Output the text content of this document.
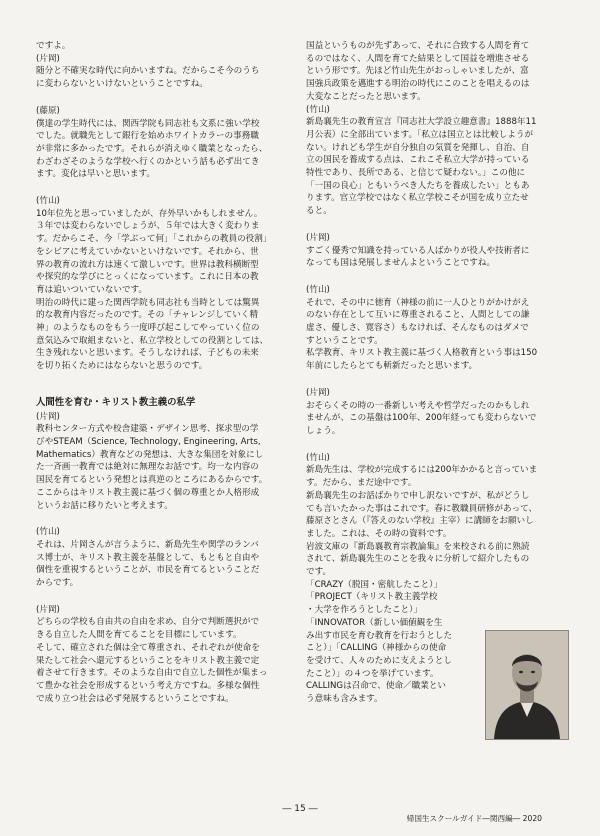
ですよ。

(片岡)

随分と不確実な時代に向かいますね。だからこそ今のうち
に変わらないといけないということですね。

(藤原)

僕達の学生時代には、関西学院も同志社も文系に強い学校
でした。就職先として銀行を始めホワイトカラーの事務職
が非常に多かったです。それらが消えゆく職業となったら、
わざわざそのような学校へ行くのかという話も必ず出てき
ます。変化は早いと思います。

(竹山)

10年位先と思っていましたが、存外早いかもしれません。
３年では変わらないでしょうが、５年では大きく変わりま
す。だからこそ、今「学ぶって何」「これからの教員の役割」
をシビアに考えていかないといけないです。それから、世
界の教育の流れ方は速くて激しいです。世界は教科横断型
や探究的な学びにとっくになっています。これに日本の教
育は追いついていないです。
明治の時代に建った関西学院も同志社も当時としては驚異
的な教育内容だったのです。その「チャレンジしていく精
神」のようなものをもう一度呼び起こしてやっていく位の
意気込みで取組まないと、私立学校としての役割としては、
生き残れないと思います。そうしなければ、子どもの未来
を切り拓くためにはならないと思うのです。

人間性を育む・キリスト教主義の私学
(片岡)

教科センター方式や校舎建築・デザイン思考、探求型の学
びやSTEAM（Science, Technology, Engineering, Arts,
Mathematics）教育などの発想は、大きな集団を対象にし
た一斉画一教育では絶対に無理なお話です。均一な内容の
国民を育てるという発想とは真逆のところにあるからです。
ここからはキリスト教主義に基づく個の尊重とか人格形成
というお話に移りたいと考えます。

(竹山)

それは、片岡さんが言うように、新島先生や関学のランバ
ス博士が、キリスト教主義を基盤として、もともと自由や
個性を重視するということが、市民を育てるということだ
からです。

(片岡)

どちらの学校も自由共の自由を求め、自分で判断選択がで
きる自立した人間を育てることを目標にしています。
そして、確立された個は全て尊重され、それぞれが使命を
果たして社会へ還元するということをキリスト教主義で定
着させて行きます。そのような自由で自立した個性が集まっ
て豊かな社会を形成するという考え方ですね。多様な個性
で成り立つ社会は必ず発展するということですね。

国益というものが先ずあって、それに合致する人間を育て
るのではなく、人間を育てた結果として国益を増進させる
という形です。先ほど竹山先生がおっしゃいましたが、富
国強兵政策を邁進する明治の時代にこのことを唱えるのは
大変なことだったと思います。

(竹山)

新島襄先生の教育宣言『同志社大学設立趣意書』1888年11
月公表）に全部出ています。「私立は国立とは比較しようが
ない。けれども学生が自分独自の気質を発揮し、自治、自
立の国民を養成する点は、これこそ私立大学が持っている
特性であり、長所である、と信じて疑わない。」この他に
「一国の良心」ともいうべき人たちを養成したい」ともあ
ります。官立学校ではなく私立学校こそが国を成り立たせ
ると。

(片岡)

すごく優秀で知識を持っている人ばかりが役人や技術者に
なっても国は発展しませんよということですね。

(竹山)

それで、その中に徳育（神様の前に一人ひとりがかけがえ
のない存在として互いに尊重されること、人間としての謙
虚さ、優しさ、寛容さ）もなければ、そんなものはダメで
すということです。
私学教育、キリスト教主義に基づく人格教育という事は150
年前にしたらとても斬新だったと思います。

(片岡)

おそらくその時の一番新しい考えや哲学だったのかもしれ
ませんが、この基盤は100年、200年経っても変わらないで
しょう。

(竹山)

新島先生は、学校が完成するには200年かかると言っていま
す。だから、まだ途中です。
新島襄先生のお話ばかりで申し訳ないですが、私がどうし
ても言いたかった事はこれです。春に教職員研修があって、
藤原さとさん（『答えのない学校』主宰）に講師をお願いし
ました。これは、その時の資料です。
岩波文庫の『新島襄教育宗教論集』を来校される前に熟読
されて、新島襄先生のことを我々に分析して紹介したもの
です。

「CRAZY（脱国・密航したこと）」
「PROJECT（キリスト教主義学校
・大学を作ろうとしたこと）」
「INNOVATOR（新しい価値観を生
み出す市民を育む教育を行おうとした
こと）」「CALLING（神様からの使命
を受けて、人々のために支えようとし
たこと）」の４つを挙げています。
CALLINGは召命で、使命／職業とい
う意味も含みます。

― 15 ―
帰国生スクールガイド―関西編― 2020
